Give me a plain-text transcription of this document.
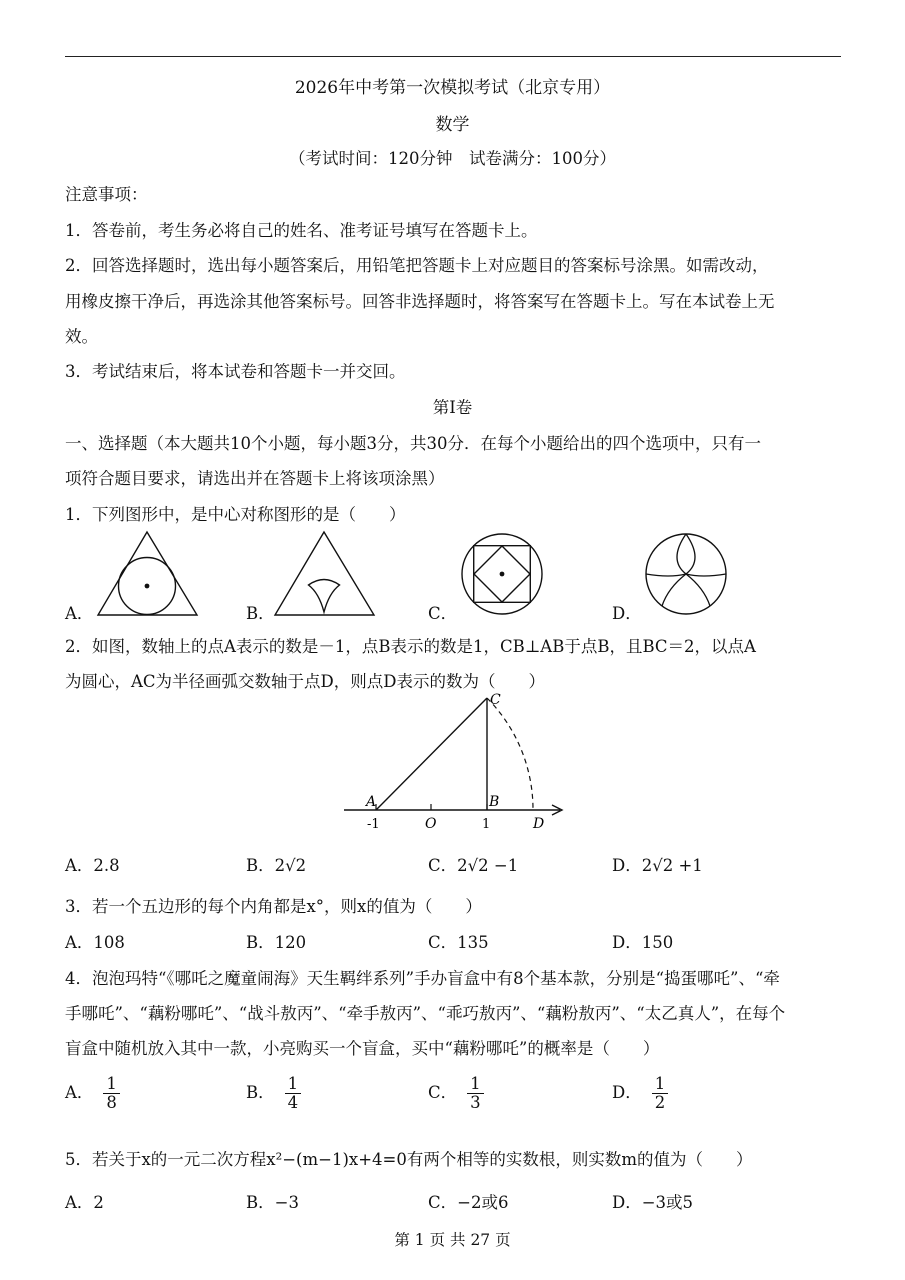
2026年中考第一次模拟考试（北京专用）
数学
（考试时间：120分钟　试卷满分：100分）
注意事项：
1．答卷前，考生务必将自己的姓名、准考证号填写在答题卡上。
2．回答选择题时，选出每小题答案后，用铅笔把答题卡上对应题目的答案标号涂黑。如需改动，
用橡皮擦干净后，再选涂其他答案标号。回答非选择题时，将答案写在答题卡上。写在本试卷上无
效。
3．考试结束后，将本试卷和答题卡一并交回。
第Ⅰ卷
一、选择题（本大题共10个小题，每小题3分，共30分．在每个小题给出的四个选项中，只有一
项符合题目要求，请选出并在答题卡上将该项涂黑）
1．下列图形中，是中心对称图形的是（　　）
A．	B．	C．	D．
2．如图，数轴上的点A表示的数是－1，点B表示的数是1，CB⊥AB于点B，且BC＝2，以点A
为圆心，AC为半径画弧交数轴于点D，则点D表示的数为（　　）
A
C
B
D
O
-1	1
A．2.8	B．2√2	C．2√2 −1	D．2√2 +1
3．若一个五边形的每个内角都是x°，则x的值为（　　）
A．108	B．120	C．135	D．150
4．泡泡玛特“《哪吒之魔童闹海》天生羁绊系列”手办盲盒中有8个基本款，分别是“捣蛋哪吒”、“牵
手哪吒”、“藕粉哪吒”、“战斗敖丙”、“牵手敖丙”、“乖巧敖丙”、“藕粉敖丙”、“太乙真人”，在每个
盲盒中随机放入其中一款，小亮购买一个盲盒，买中“藕粉哪吒”的概率是（　　）
A． $\frac{1}{8}$	B． $\frac{1}{4}$	C． $\frac{1}{3}$	D． $\frac{1}{2}$
5．若关于x的一元二次方程x²−(m−1)x+4=0有两个相等的实数根，则实数m的值为（　　）
A．2	B．−3	C．−2或6	D．−3或5
第 1 页 共 27 页
